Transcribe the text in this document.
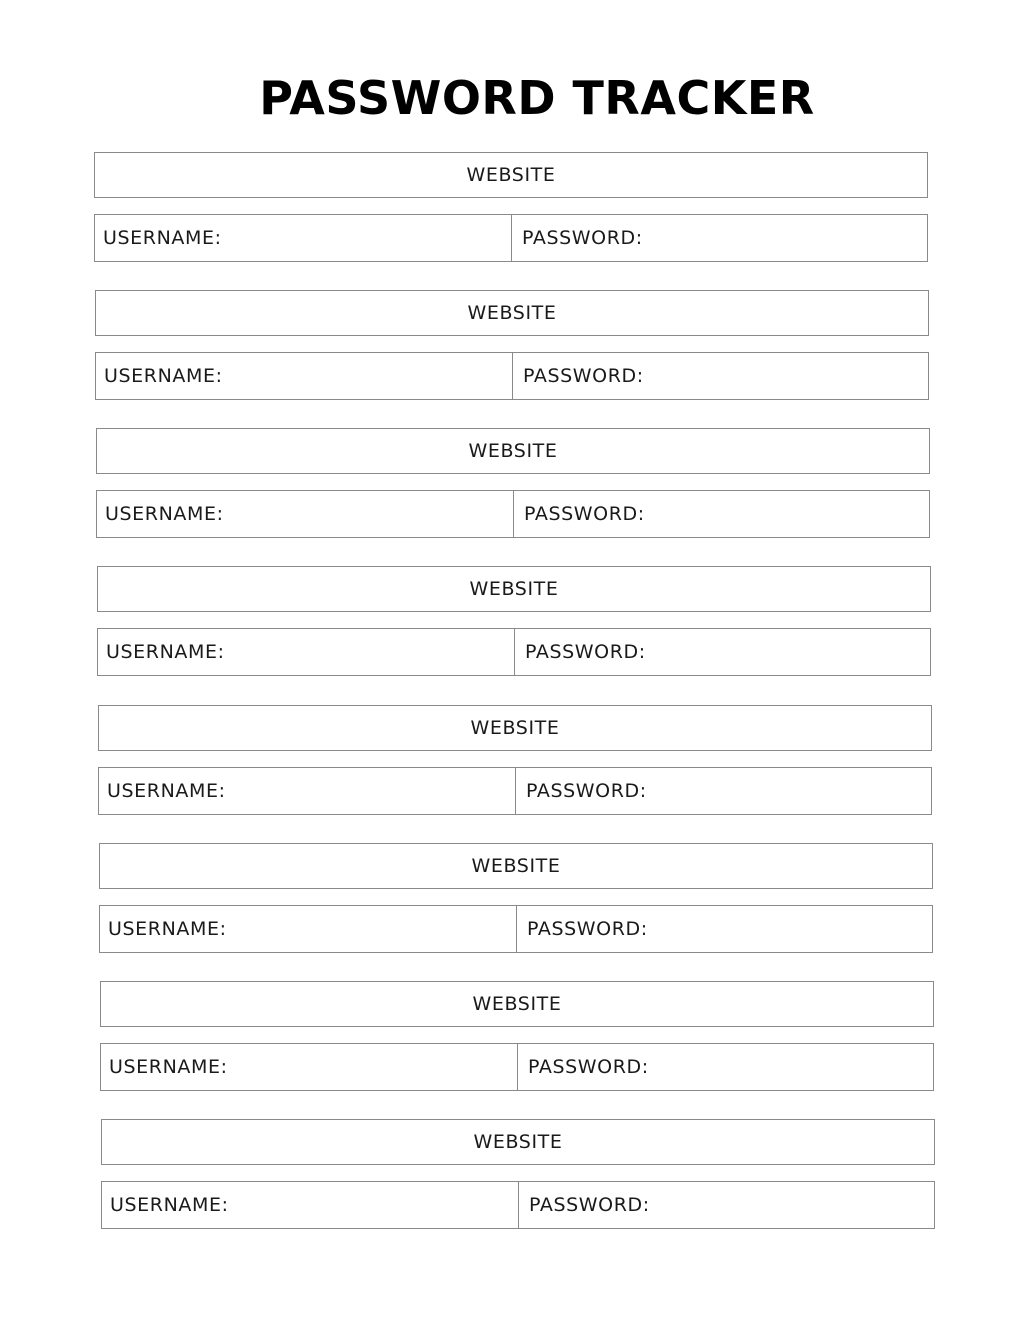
PASSWORD TRACKER
WEBSITE
USERNAME:	PASSWORD:
WEBSITE
USERNAME:	PASSWORD:
WEBSITE
USERNAME:	PASSWORD:
WEBSITE
USERNAME:	PASSWORD:
WEBSITE
USERNAME:	PASSWORD:
WEBSITE
USERNAME:	PASSWORD:
WEBSITE
USERNAME:	PASSWORD:
WEBSITE
USERNAME:	PASSWORD:
